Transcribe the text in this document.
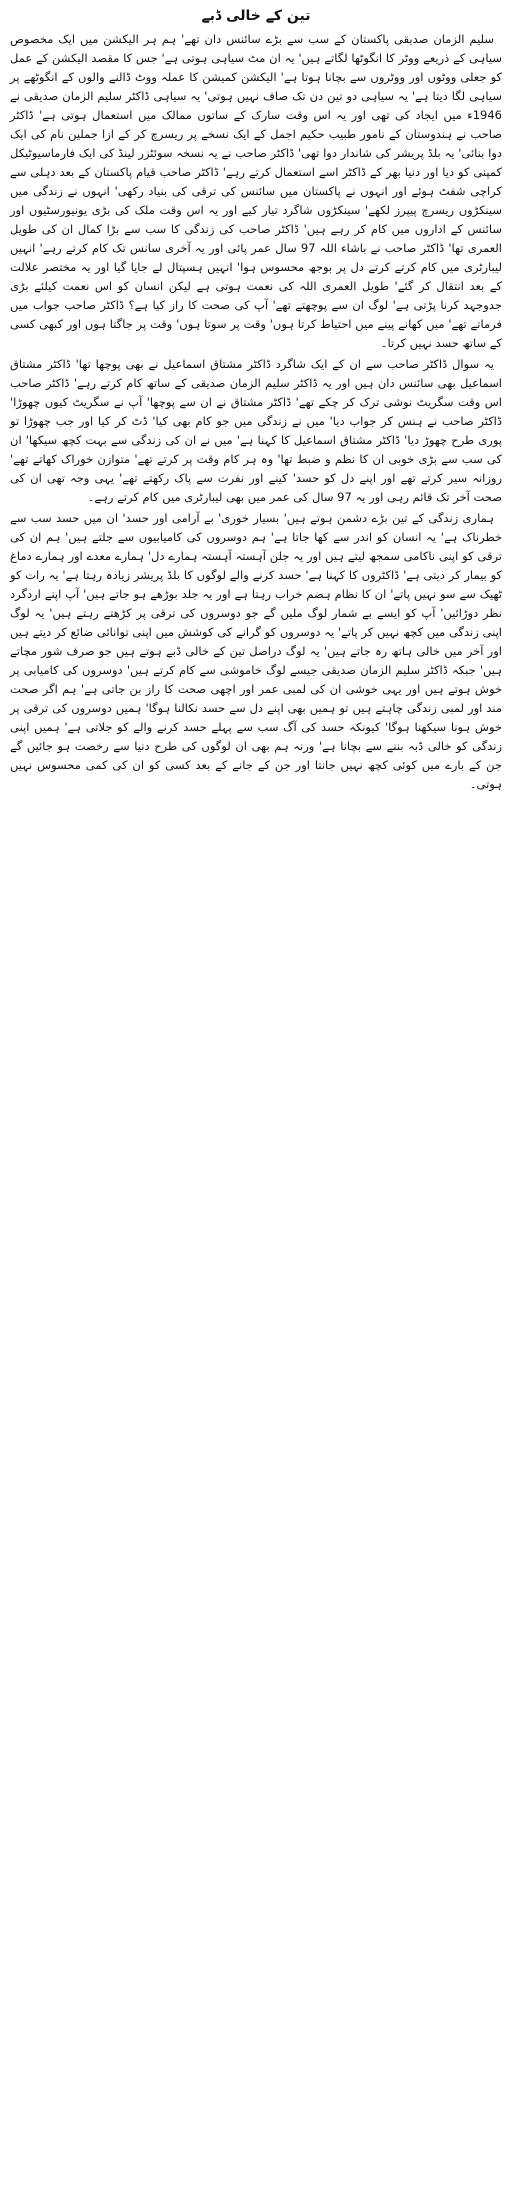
تین کے خالی ڈبے

سلیم الزمان صدیقی پاکستان کے سب سے بڑے سائنس دان تھے' ہم ہر الیکشن میں ایک مخصوص سیاہی کے ذریعے ووٹر کا انگوٹھا لگاتے ہیں' یہ ان مٹ سیاہی ہوتی ہے' جس کا مقصد الیکشن کے عمل کو جعلی ووٹوں اور ووٹروں سے بچانا ہوتا ہے' الیکشن کمیشن کا عملہ ووٹ ڈالنے والوں کے انگوٹھے پر سیاہی لگا دیتا ہے' یہ سیاہی دو تین دن تک صاف نہیں ہوتی' یہ سیاہی ڈاکٹر سلیم الزمان صدیقی نے 1946ء میں ایجاد کی تھی اور یہ اس وقت سارک کے ساتوں ممالک میں استعمال ہوتی ہے' ڈاکٹر صاحب نے ہندوستان کے نامور طبیب حکیم اجمل کے ایک نسخے پر ریسرچ کر کے ازا جملین نام کی ایک دوا بنائی' یہ بلڈ پریشر کی شاندار دوا تھی' ڈاکٹر صاحب نے یہ نسخہ سوئٹزر لینڈ کی ایک فارماسیوٹیکل کمپنی کو دیا اور دنیا بھر کے ڈاکٹر اسے استعمال کرتے رہے' ڈاکٹر صاحب قیام پاکستان کے بعد دہلی سے کراچی شفٹ ہوئے اور انہوں نے پاکستان میں سائنس کی ترقی کی بنیاد رکھی' انہوں نے زندگی میں سینکڑوں ریسرچ پیپرز لکھے' سینکڑوں شاگرد تیار کیے اور یہ اس وقت ملک کی بڑی یونیورسٹیوں اور سائنس کے اداروں میں کام کر رہے ہیں' ڈاکٹر صاحب کی زندگی کا سب سے بڑا کمال ان کی طویل العمری تھا' ڈاکٹر صاحب نے باشاء اللہ 97 سال عمر پائی اور یہ آخری سانس تک کام کرتے رہے' انہیں لیبارٹری میں کام کرتے کرتے دل پر بوجھ محسوس ہوا' انہیں ہسپتال لے جایا گیا اور یہ مختصر علالت کے بعد انتقال کر گئے' طویل العمری اللہ کی نعمت ہوتی ہے لیکن انسان کو اس نعمت کیلئے بڑی جدوجہد کرنا پڑتی ہے' لوگ ان سے پوچھتے تھے' آپ کی صحت کا راز کیا ہے؟ ڈاکٹر صاحب جواب میں فرماتے تھے' میں کھانے پینے میں احتیاط کرتا ہوں' وقت پر سوتا ہوں' وقت پر جاگتا ہوں اور کبھی کسی کے ساتھ حسد نہیں کرتا۔

یہ سوال ڈاکٹر صاحب سے ان کے ایک شاگرد ڈاکٹر مشتاق اسماعیل نے بھی پوچھا تھا' ڈاکٹر مشتاق اسماعیل بھی سائنس دان ہیں اور یہ ڈاکٹر سلیم الزمان صدیقی کے ساتھ کام کرتے رہے' ڈاکٹر صاحب اس وقت سگریٹ نوشی ترک کر چکے تھے' ڈاکٹر مشتاق نے ان سے پوچھا' آپ نے سگریٹ کیوں چھوڑا' ڈاکٹر صاحب نے ہنس کر جواب دیا' میں نے زندگی میں جو کام بھی کیا' ڈٹ کر کیا اور جب چھوڑا تو پوری طرح چھوڑ دیا' ڈاکٹر مشتاق اسماعیل کا کہنا ہے' میں نے ان کی زندگی سے بہت کچھ سیکھا' ان کی سب سے بڑی خوبی ان کا نظم و ضبط تھا' وہ ہر کام وقت پر کرتے تھے' متوازن خوراک کھاتے تھے' روزانہ سیر کرتے تھے اور اپنے دل کو حسد' کینے اور نفرت سے پاک رکھتے تھے' یہی وجہ تھی ان کی صحت آخر تک قائم رہی اور یہ 97 سال کی عمر میں بھی لیبارٹری میں کام کرتے رہے۔

ہماری زندگی کے تین بڑے دشمن ہوتے ہیں' بسیار خوری' بے آرامی اور حسد' ان میں حسد سب سے خطرناک ہے' یہ انسان کو اندر سے کھا جاتا ہے' ہم دوسروں کی کامیابیوں سے جلتے ہیں' ہم ان کی ترقی کو اپنی ناکامی سمجھ لیتے ہیں اور یہ جلن آہستہ آہستہ ہمارے دل' ہمارے معدے اور ہمارے دماغ کو بیمار کر دیتی ہے' ڈاکٹروں کا کہنا ہے' حسد کرنے والے لوگوں کا بلڈ پریشر زیادہ رہتا ہے' یہ رات کو ٹھیک سے سو نہیں پاتے' ان کا نظام ہضم خراب رہتا ہے اور یہ جلد بوڑھے ہو جاتے ہیں' آپ اپنے اردگرد نظر دوڑائیں' آپ کو ایسے بے شمار لوگ ملیں گے جو دوسروں کی ترقی پر کڑھتے رہتے ہیں' یہ لوگ اپنی زندگی میں کچھ نہیں کر پاتے' یہ دوسروں کو گرانے کی کوشش میں اپنی توانائی ضائع کر دیتے ہیں اور آخر میں خالی ہاتھ رہ جاتے ہیں' یہ لوگ دراصل تین کے خالی ڈبے ہوتے ہیں جو صرف شور مچاتے ہیں' جبکہ ڈاکٹر سلیم الزمان صدیقی جیسے لوگ خاموشی سے کام کرتے ہیں' دوسروں کی کامیابی پر خوش ہوتے ہیں اور یہی خوشی ان کی لمبی عمر اور اچھی صحت کا راز بن جاتی ہے' ہم اگر صحت مند اور لمبی زندگی چاہتے ہیں تو ہمیں بھی اپنے دل سے حسد نکالنا ہوگا' ہمیں دوسروں کی ترقی پر خوش ہونا سیکھنا ہوگا' کیونکہ حسد کی آگ سب سے پہلے حسد کرنے والے کو جلاتی ہے' ہمیں اپنی زندگی کو خالی ڈبہ بننے سے بچانا ہے' ورنہ ہم بھی ان لوگوں کی طرح دنیا سے رخصت ہو جائیں گے جن کے بارے میں کوئی کچھ نہیں جانتا اور جن کے جانے کے بعد کسی کو ان کی کمی محسوس نہیں ہوتی۔
